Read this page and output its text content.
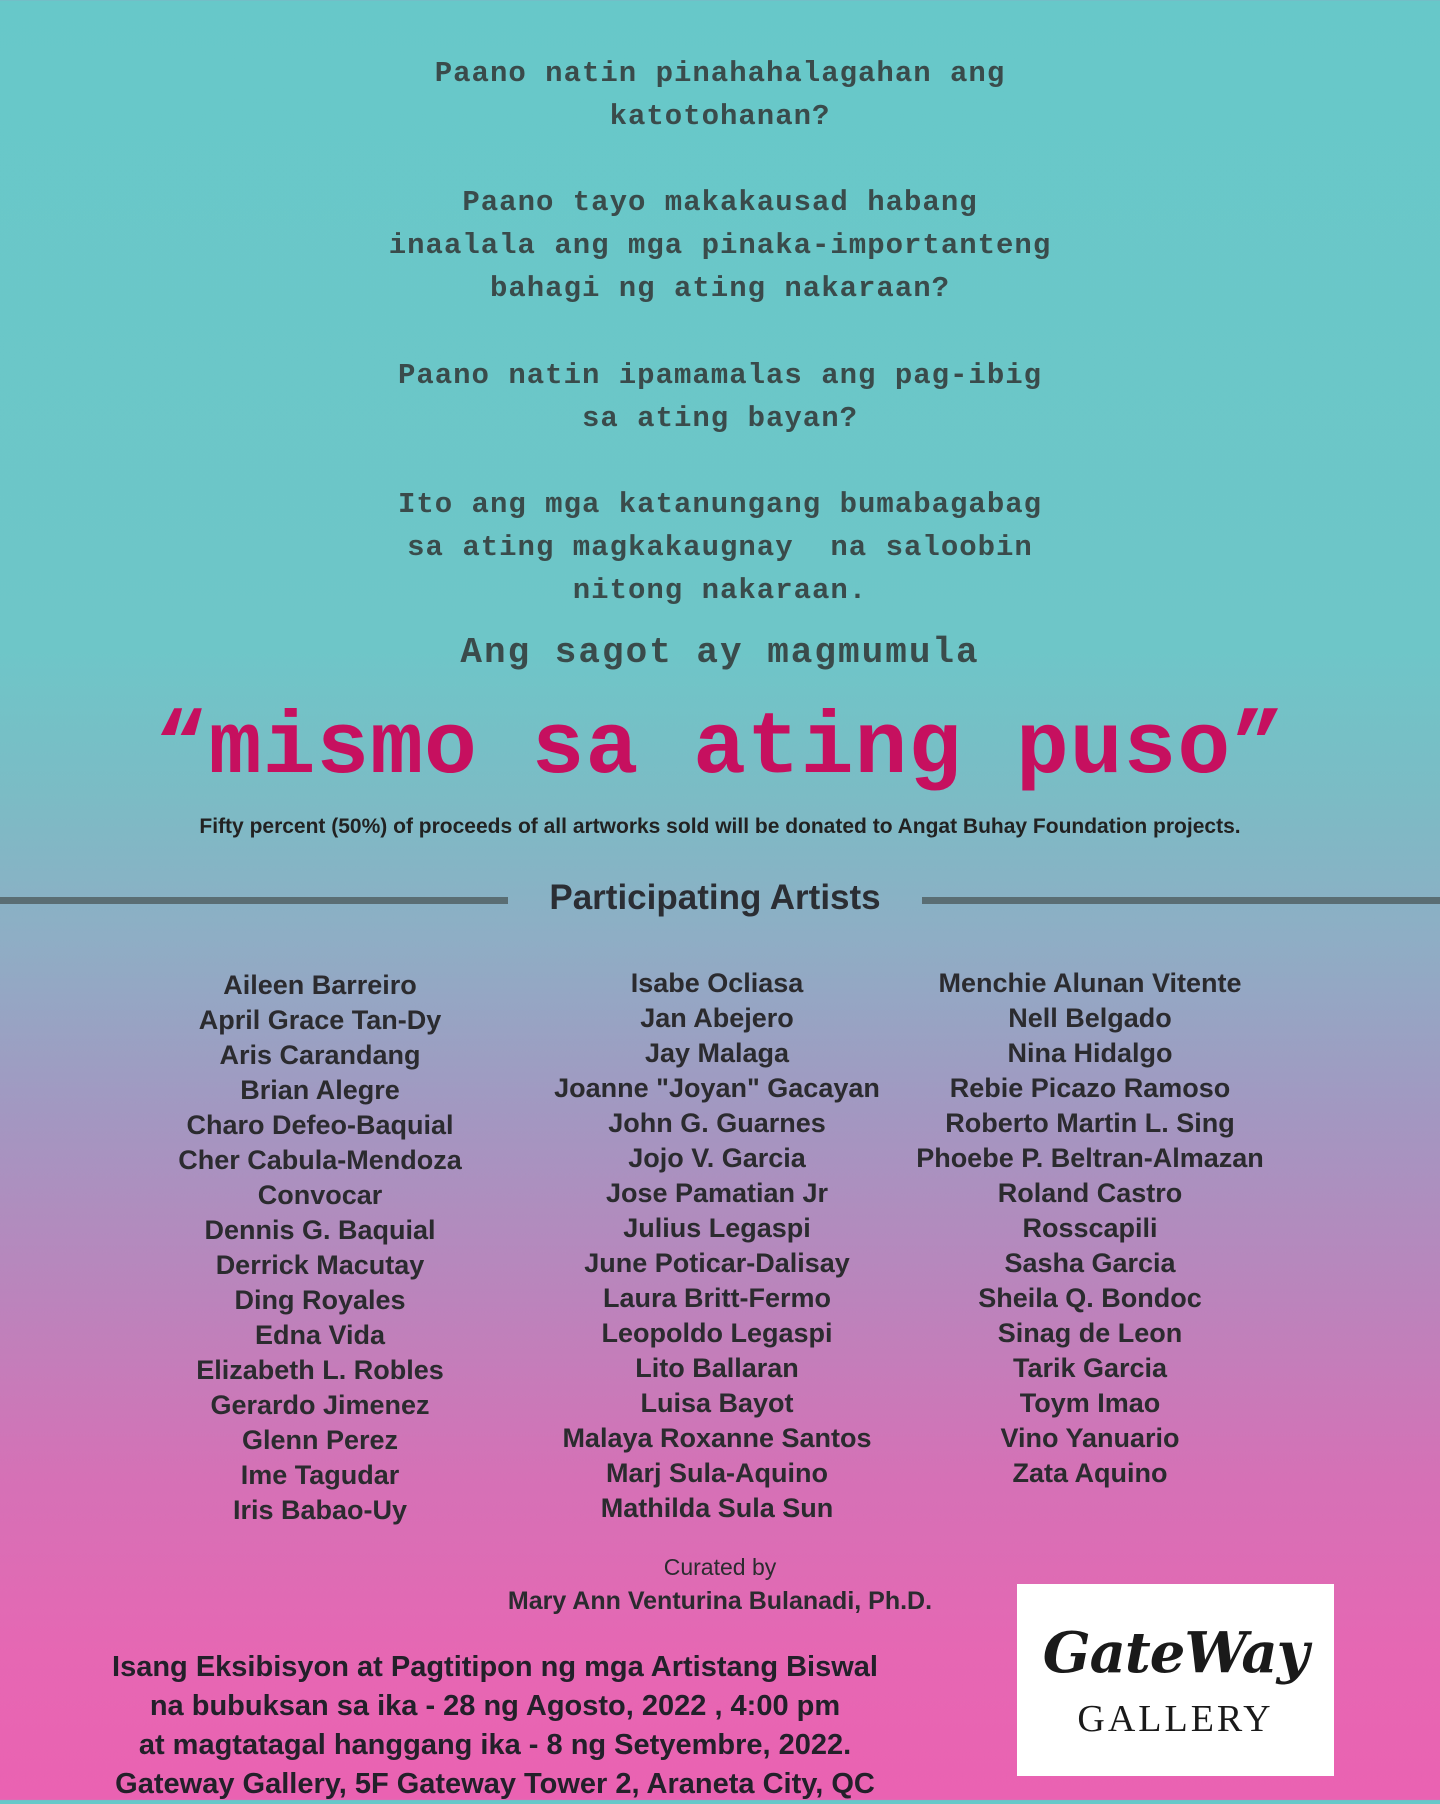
Paano natin pinahahalagahan ang
katotohanan?
Paano tayo makakausad habang
inaalala ang mga pinaka-importanteng
bahagi ng ating nakaraan?
Paano natin ipamamalas ang pag-ibig
sa ating bayan?
Ito ang mga katanungang bumabagabag
sa ating magkakaugnay  na saloobin
nitong nakaraan.
Ang sagot ay magmumula
“mismo sa ating puso”
Fifty percent (50%) of proceeds of all artworks sold will be donated to Angat Buhay Foundation projects.
Participating Artists
Aileen Barreiro
April Grace Tan-Dy
Aris Carandang
Brian Alegre
Charo Defeo-Baquial
Cher Cabula-Mendoza
Convocar
Dennis G. Baquial
Derrick Macutay
Ding Royales
Edna Vida
Elizabeth L. Robles
Gerardo Jimenez
Glenn Perez
Ime Tagudar
Iris Babao-Uy
Isabe Ocliasa
Jan Abejero
Jay Malaga
Joanne "Joyan" Gacayan
John G. Guarnes
Jojo V. Garcia
Jose Pamatian Jr
Julius Legaspi
June Poticar-Dalisay
Laura Britt-Fermo
Leopoldo Legaspi
Lito Ballaran
Luisa Bayot
Malaya Roxanne Santos
Marj Sula-Aquino
Mathilda Sula Sun
Menchie Alunan Vitente
Nell Belgado
Nina Hidalgo
Rebie Picazo Ramoso
Roberto Martin L. Sing
Phoebe P. Beltran-Almazan
Roland Castro
Rosscapili
Sasha Garcia
Sheila Q. Bondoc
Sinag de Leon
Tarik Garcia
Toym Imao
Vino Yanuario
Zata Aquino
Curated by
Mary Ann Venturina Bulanadi, Ph.D.
Isang Eksibisyon at Pagtitipon ng mga Artistang Biswal
na bubuksan sa ika - 28 ng Agosto, 2022 , 4:00 pm
at magtatagal hanggang ika - 8 ng Setyembre, 2022.
Gateway Gallery, 5F Gateway Tower 2, Araneta City, QC
GateWay
GALLERY
